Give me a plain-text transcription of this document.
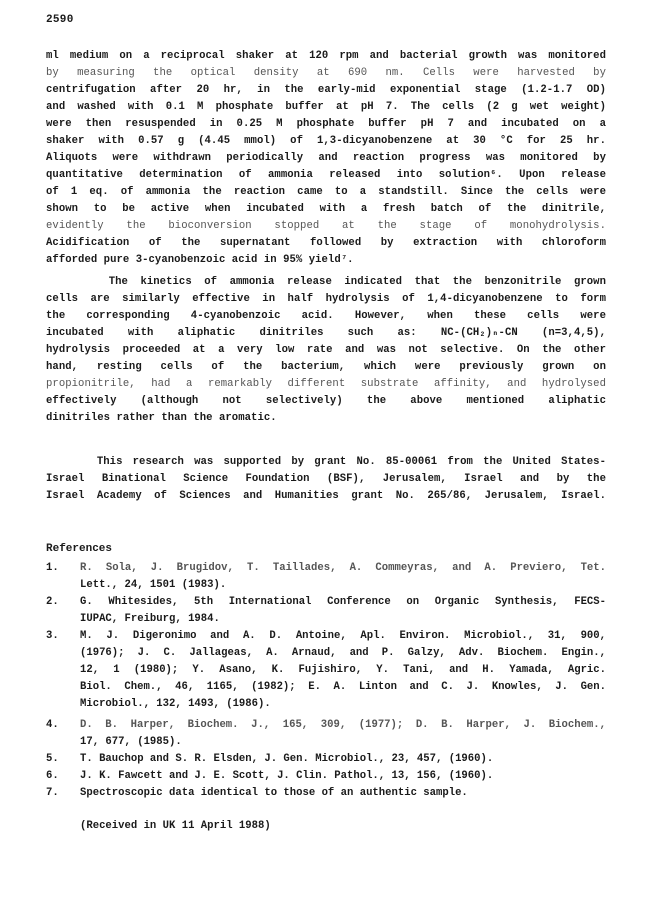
2590
ml medium on a reciprocal shaker at 120 rpm and bacterial growth was monitored
by measuring the optical density at 690 nm. Cells were harvested by
centrifugation after 20 hr, in the early-mid exponential stage (1.2-1.7 OD)
and washed with 0.1 M phosphate buffer at pH 7. The cells (2 g wet weight)
were then resuspended in 0.25 M phosphate buffer pH 7 and incubated on a
shaker with 0.57 g (4.45 mmol) of 1,3-dicyanobenzene at 30 °C for 25 hr.
Aliquots were withdrawn periodically and reaction progress was monitored by
quantitative determination of ammonia released into solution⁶. Upon release
of 1 eq. of ammonia the reaction came to a standstill. Since the cells were
shown to be active when incubated with a fresh batch of the dinitrile,
evidently the bioconversion stopped at the stage of monohydrolysis.
Acidification of the supernatant followed by extraction with chloroform
afforded pure 3-cyanobenzoic acid in 95% yield⁷.
The kinetics of ammonia release indicated that the benzonitrile grown
cells are similarly effective in half hydrolysis of 1,4-dicyanobenzene to form
the corresponding 4-cyanobenzoic acid. However, when these cells were
incubated with aliphatic dinitriles such as: NC-(CH₂)ₙ-CN (n=3,4,5),
hydrolysis proceeded at a very low rate and was not selective. On the other
hand, resting cells of the bacterium, which were previously grown on
propionitrile, had a remarkably different substrate affinity, and hydrolysed
effectively (although not selectively) the above mentioned aliphatic
dinitriles rather than the aromatic.
This research was supported by grant No. 85-00061 from the United States-
Israel Binational Science Foundation (BSF), Jerusalem, Israel and by the
Israel Academy of Sciences and Humanities grant No. 265/86, Jerusalem, Israel.
References
1. R. Sola, J. Brugidov, T. Taillades, A. Commeyras, and A. Previero, Tet.
Lett., 24, 1501 (1983).
2. G. Whitesides, 5th International Conference on Organic Synthesis, FECS-
IUPAC, Freiburg, 1984.
3. M. J. Digeronimo and A. D. Antoine, Apl. Environ. Microbiol., 31, 900,
(1976); J. C. Jallageas, A. Arnaud, and P. Galzy, Adv. Biochem. Engin.,
12, 1 (1980); Y. Asano, K. Fujishiro, Y. Tani, and H. Yamada, Agric.
Biol. Chem., 46, 1165, (1982); E. A. Linton and C. J. Knowles, J. Gen.
Microbiol., 132, 1493, (1986).
4. D. B. Harper, Biochem. J., 165, 309, (1977); D. B. Harper, J. Biochem.,
17, 677, (1985).
5. T. Bauchop and S. R. Elsden, J. Gen. Microbiol., 23, 457, (1960).
6. J. K. Fawcett and J. E. Scott, J. Clin. Pathol., 13, 156, (1960).
7. Spectroscopic data identical to those of an authentic sample.
(Received in UK 11 April 1988)
